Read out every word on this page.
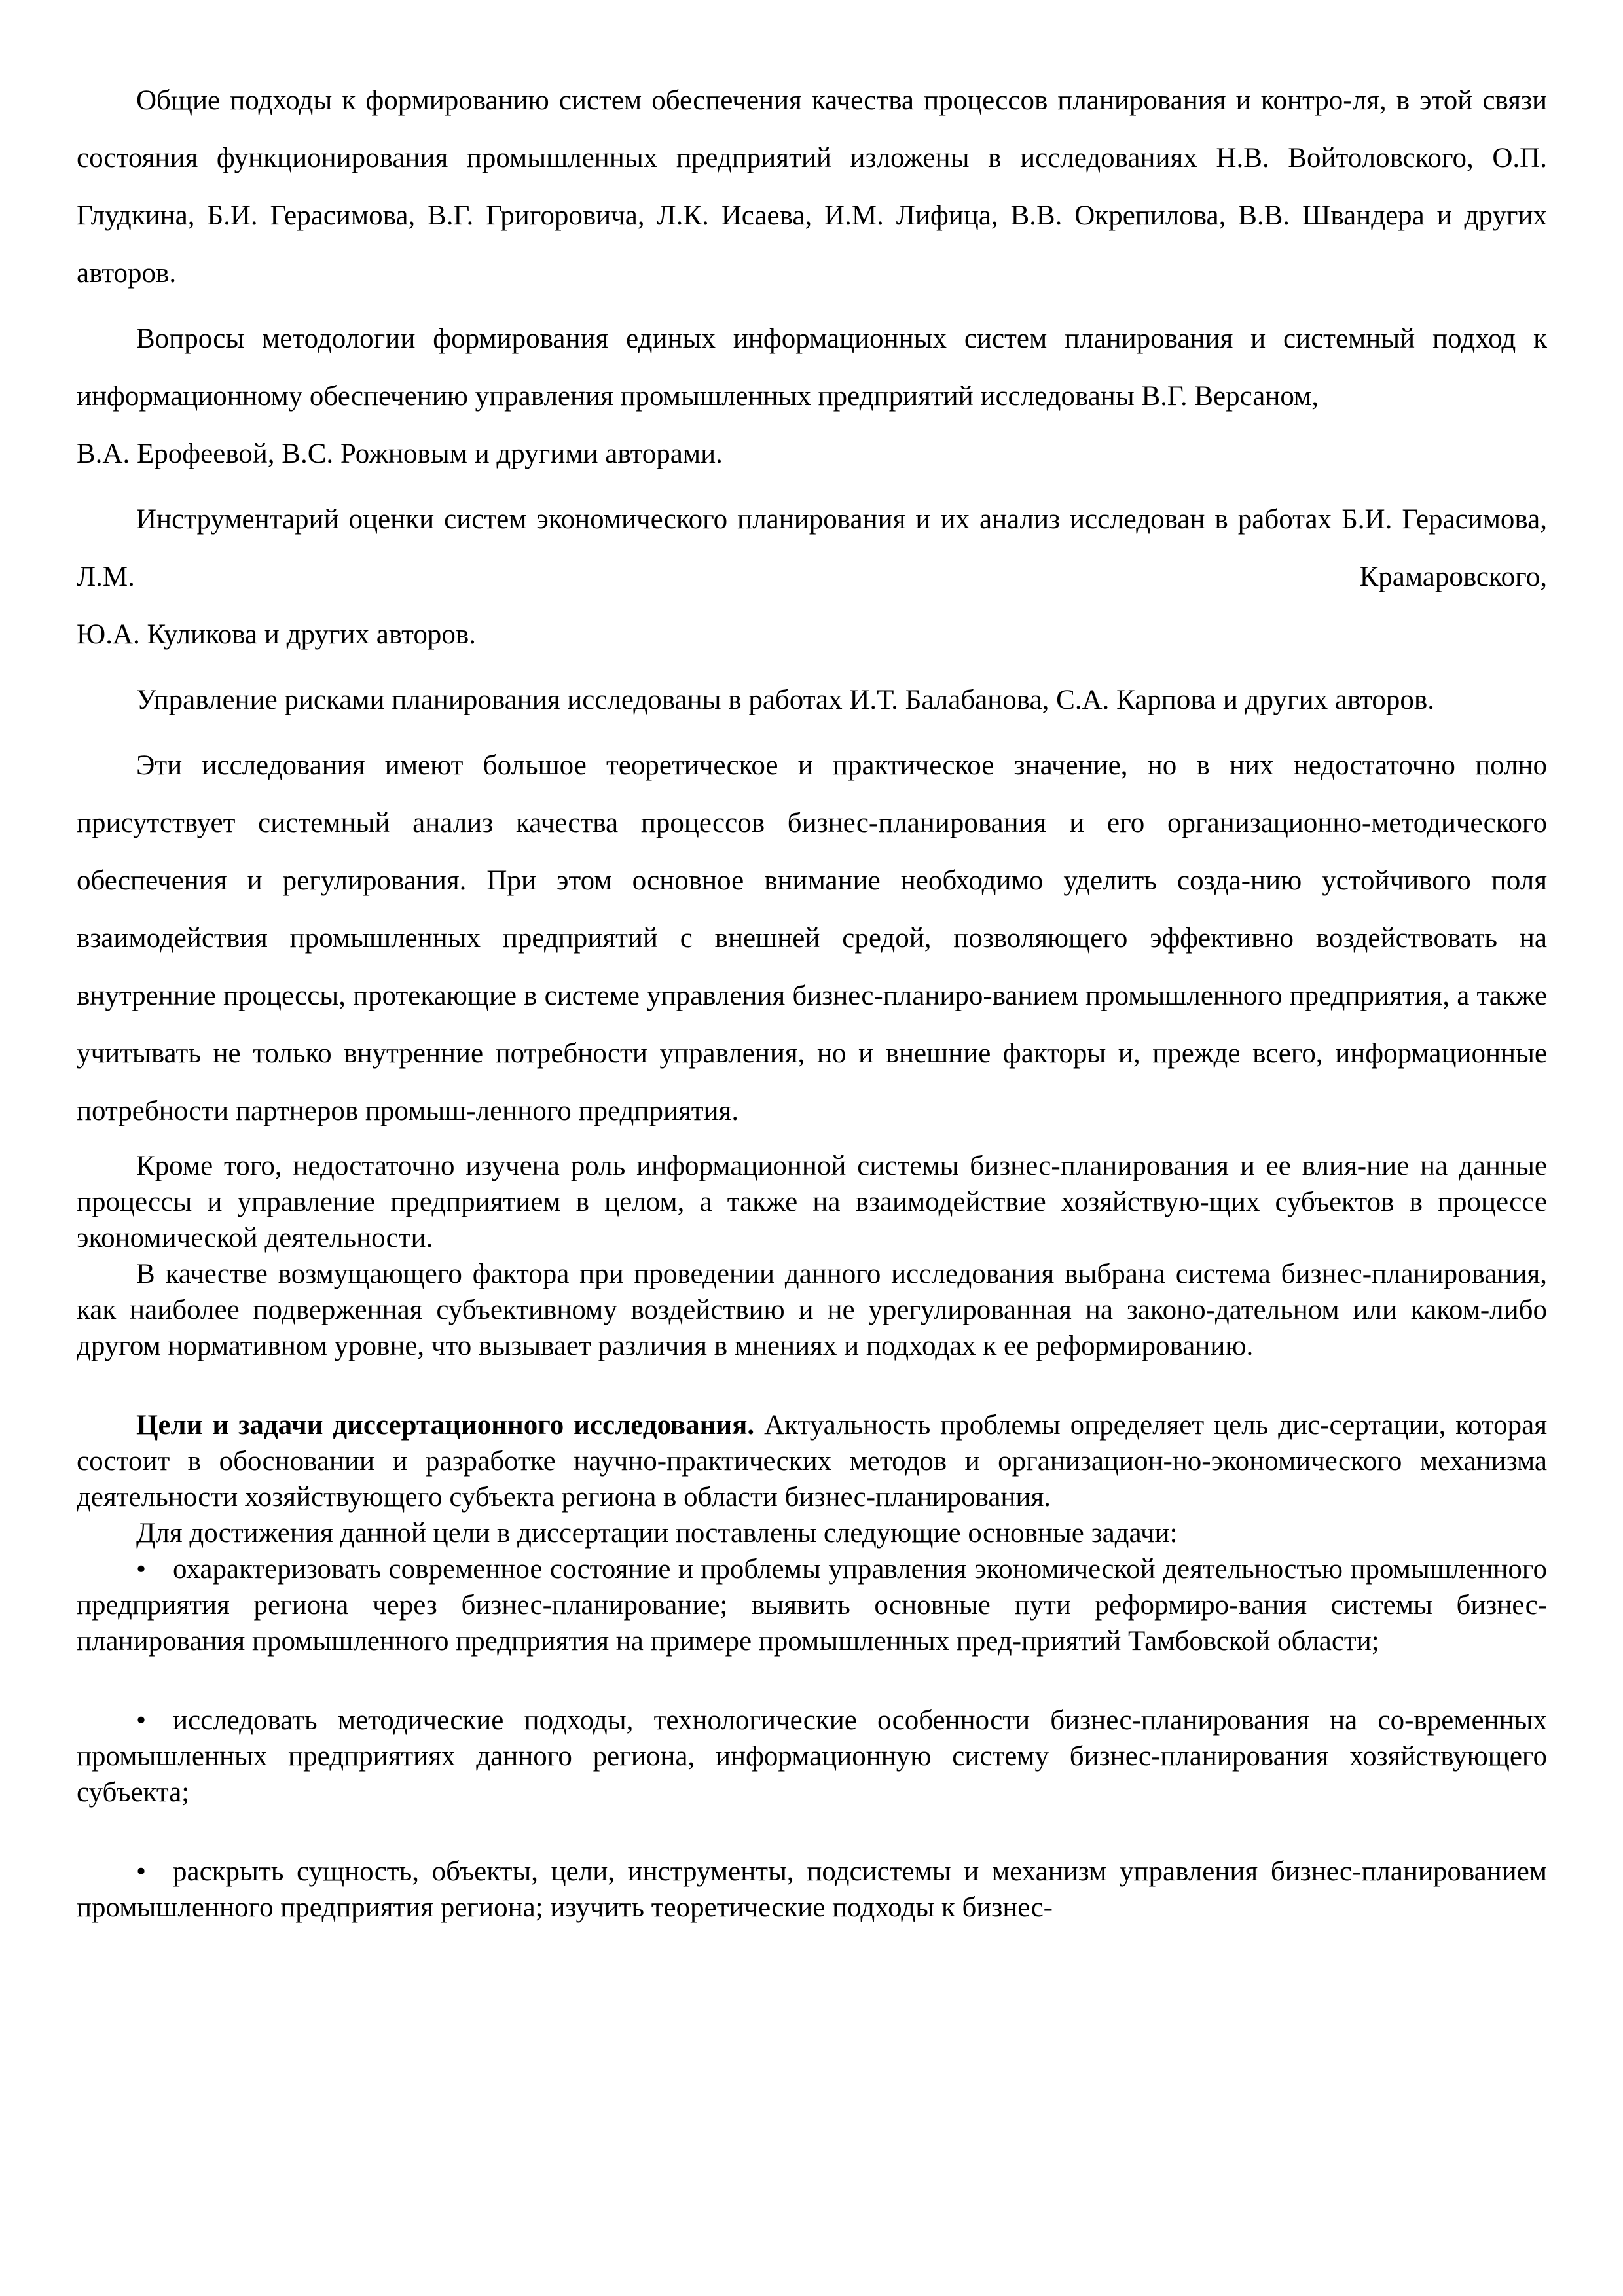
Общие подходы к формированию систем обеспечения качества процессов планирования и контро-ля, в этой связи состояния функционирования промышленных предприятий изложены в исследованиях Н.В. Войтоловского, О.П. Глудкина, Б.И. Герасимова, В.Г. Григоровича, Л.К. Исаева, И.М. Лифица, В.В. Окрепилова, В.В. Швандера и других авторов.

Вопросы методологии формирования единых информационных систем планирования и системный подход к информационному обеспечению управления промышленных предприятий исследованы В.Г. Версаном,

В.А. Ерофеевой, В.С. Рожновым и другими авторами.

Инструментарий оценки систем экономического планирования и их анализ исследован в работах Б.И. Герасимова, Л.М. Крамаровского,

Ю.А. Куликова и других авторов.

Управление рисками планирования исследованы в работах И.Т. Балабанова, С.А. Карпова и других авторов.

Эти исследования имеют большое теоретическое и практическое значение, но в них недостаточно полно присутствует системный анализ качества процессов бизнес-планирования и его организационно-методического обеспечения и регулирования. При этом основное внимание необходимо уделить созда-нию устойчивого поля взаимодействия промышленных предприятий с внешней средой, позволяющего эффективно воздействовать на внутренние процессы, протекающие в системе управления бизнес-планиро-ванием промышленного предприятия, а также учитывать не только внутренние потребности управления, но и внешние факторы и, прежде всего, информационные потребности партнеров промыш-ленного предприятия.

Кроме того, недостаточно изучена роль информационной системы бизнес-планирования и ее влия-ние на данные процессы и управление предприятием в целом, а также на взаимодействие хозяйствую-щих субъектов в процессе экономической деятельности.

В качестве возмущающего фактора при проведении данного исследования выбрана система бизнес-планирования, как наиболее подверженная субъективному воздействию и не урегулированная на законо-дательном или каком-либо другом нормативном уровне, что вызывает различия в мнениях и подходах к ее реформированию.

Цели и задачи диссертационного исследования. Актуальность проблемы определяет цель дис-сертации, которая состоит в обосновании и разработке научно-практических методов и организацион-но-экономического механизма деятельности хозяйствующего субъекта региона в области бизнес-планирования.

Для достижения данной цели в диссертации поставлены следующие основные задачи:

• охарактеризовать современное состояние и проблемы управления экономической деятельностью промышленного предприятия региона через бизнес-планирование; выявить основные пути реформиро-вания системы бизнес-планирования промышленного предприятия на примере промышленных пред-приятий Тамбовской области;

• исследовать методические подходы, технологические особенности бизнес-планирования на со-временных промышленных предприятиях данного региона, информационную систему бизнес-планирования хозяйствующего субъекта;

• раскрыть сущность, объекты, цели, инструменты, подсистемы и механизм управления бизнес-планированием промышленного предприятия региона; изучить теоретические подходы к бизнес-
